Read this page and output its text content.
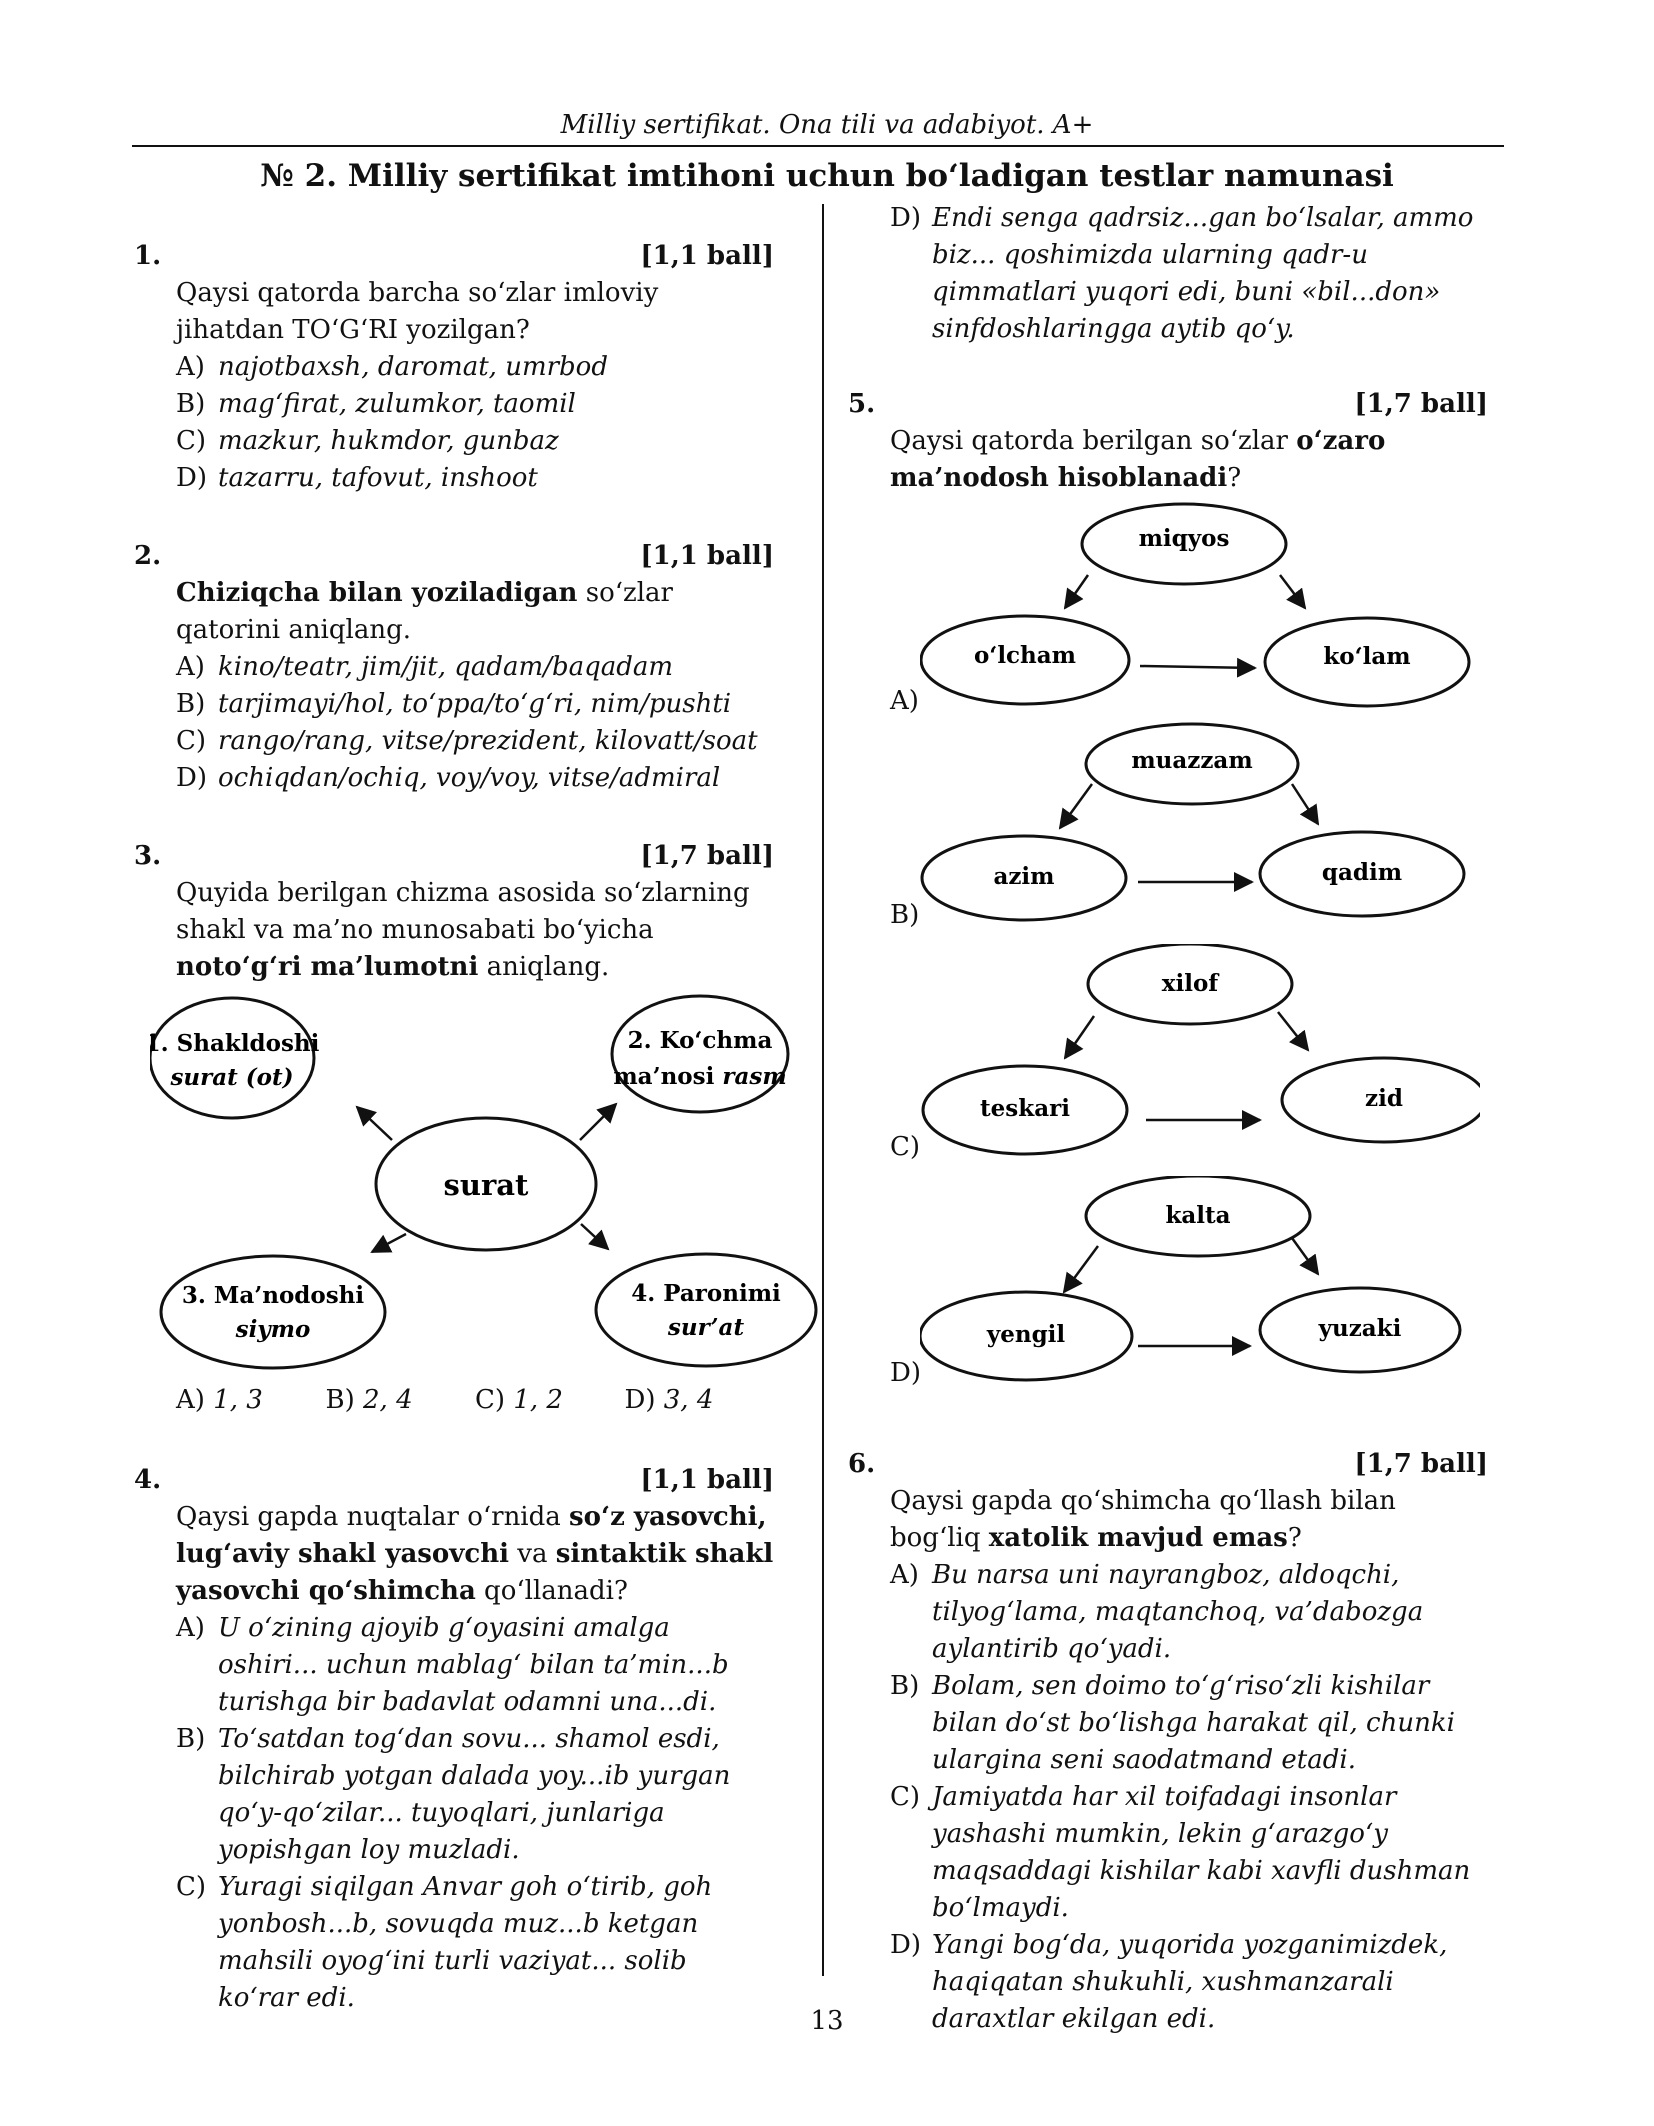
Milliy sertifikat. Ona tili va adabiyot. A+
№ 2. Milliy sertifikat imtihoni uchun bo‘ladigan testlar namunasi
1.	[1,1 ball]
Qaysi qatorda barcha so‘zlar imloviy jihatdan TO‘G‘RI yozilgan?
A) najotbaxsh, daromat, umrbod
B) mag‘firat, zulumkor, taomil
C) mazkur, hukmdor, gunbaz
D) tazarru, tafovut, inshoot
2.	[1,1 ball]
Chiziqcha bilan yoziladigan so‘zlar qatorini aniqlang.
A) kino/teatr, jim/jit, qadam/baqadam
B) tarjimayi/hol, to‘ppa/to‘g‘ri, nim/pushti
C) rango/rang, vitse/prezident, kilovatt/soat
D) ochiqdan/ochiq, voy/voy, vitse/admiral
3.	[1,7 ball]
Quyida berilgan chizma asosida so‘zlarning shakl va ma’no munosabati bo‘yicha noto‘g‘ri ma’lumotni aniqlang.
1. Shakldoshi
surat (ot)
2. Ko‘chma
ma’nosi rasm
surat
3. Ma’nodoshi
siymo
4. Paronimi
sur’at
A) 1, 3	B) 2, 4	C) 1, 2	D) 3, 4
4.	[1,1 ball]
Qaysi gapda nuqtalar o‘rnida so‘z yasovchi, lug‘aviy shakl yasovchi va sintaktik shakl yasovchi qo‘shimcha qo‘llanadi?
A) U o‘zining ajoyib g‘oyasini amalga oshiri... uchun mablag‘ bilan ta’min...b turishga bir badavlat odamni una...di.
B) To‘satdan tog‘dan sovu... shamol esdi, bilchirab yotgan dalada yoy...ib yurgan qo‘y-qo‘zilar... tuyoqlari, junlariga yopishgan loy muzladi.
C) Yuragi siqilgan Anvar goh o‘tirib, goh yonbosh...b, sovuqda muz...b ketgan mahsili oyog‘ini turli vaziyat... solib ko‘rar edi.
D) Endi senga qadrsiz...gan bo‘lsalar, ammo biz... qoshimizda ularning qadr-u qimmatlari yuqori edi, buni «bil...don» sinfdoshlaringga aytib qo‘y.
5.	[1,7 ball]
Qaysi qatorda berilgan so‘zlar o‘zaro ma’nodosh hisoblanadi?
A)
miqyos
o‘lcham	ko‘lam
B)
muazzam
azim	qadim
C)
xilof
teskari	zid
D)
kalta
yengil	yuzaki
6.	[1,7 ball]
Qaysi gapda qo‘shimcha qo‘llash bilan bog‘liq xatolik mavjud emas?
A) Bu narsa uni nayrangboz, aldoqchi, tilyog‘lama, maqtanchoq, va’dabozga aylantirib qo‘yadi.
B) Bolam, sen doimo to‘g‘riso‘zli kishilar bilan do‘st bo‘lishga harakat qil, chunki ulargina seni saodatmand etadi.
C) Jamiyatda har xil toifadagi insonlar yashashi mumkin, lekin g‘arazgo‘y maqsaddagi kishilar kabi xavfli dushman bo‘lmaydi.
D) Yangi bog‘da, yuqorida yozganimizdek, haqiqatan shukuhli, xushmanzarali daraxtlar ekilgan edi.
13
